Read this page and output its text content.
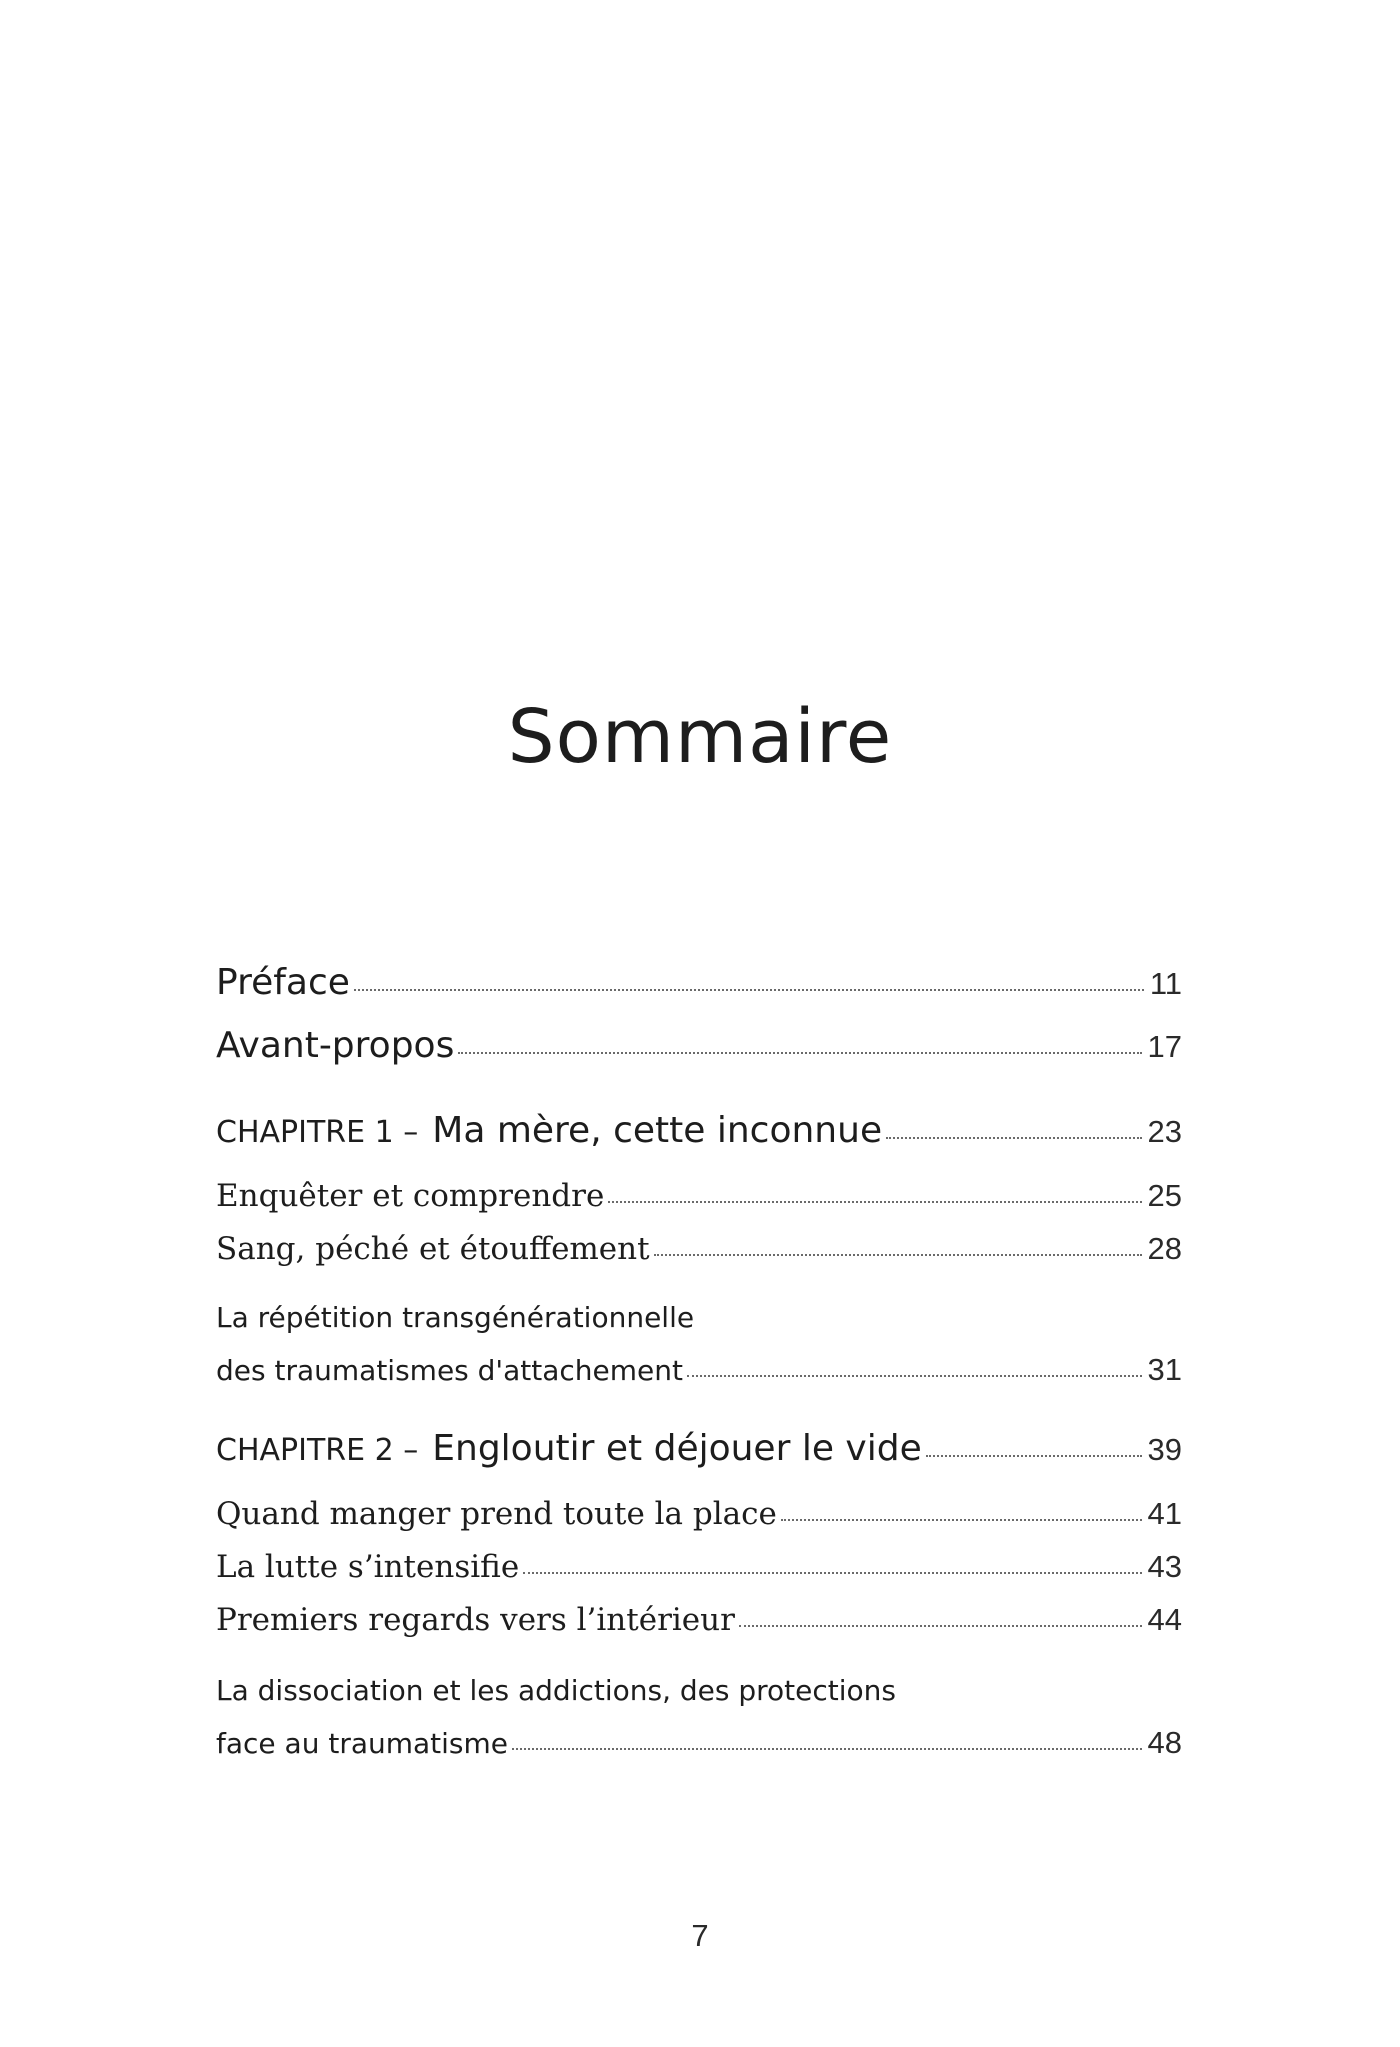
Sommaire
Préface	11
Avant-propos	17
CHAPITRE 1 – Ma mère, cette inconnue	23
Enquêter et comprendre	25
Sang, péché et étouffement	28
La répétition transgénérationnelle
des traumatismes d'attachement	31
CHAPITRE 2 – Engloutir et déjouer le vide	39
Quand manger prend toute la place	41
La lutte s’intensifie	43
Premiers regards vers l’intérieur	44
La dissociation et les addictions, des protections
face au traumatisme	48
7
